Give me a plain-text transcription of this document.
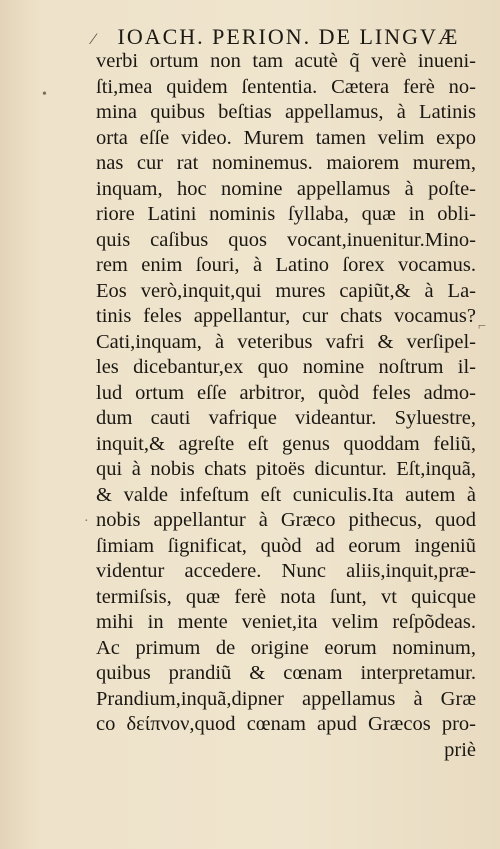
⁄ IOACH. PERION. DE LINGVÆ
•
⌐
·
verbi ortum non tam acutè q̃ verè inueni-
ſti,mea quidem ſententia. Cætera ferè no-
mina quibus beſtias appellamus, à Latinis
orta eſſe video. Murem tamen velim expo
nas cur rat nominemus. maiorem murem,
inquam, hoc nomine appellamus à poſte-
riore Latini nominis ſyllaba, quæ in obli-
quis caſibus quos vocant,inuenitur.Mino-
rem enim ſouri, à Latino ſorex vocamus.
Eos verò,inquit,qui mures capiũt,& à La-
tinis feles appellantur, cur chats vocamus?
Cati,inquam, à veteribus vafri & verſipel-
les dicebantur,ex quo nomine noſtrum il-
lud ortum eſſe arbitror, quòd feles admo-
dum cauti vafrique videantur. Syluestre,
inquit,& agreſte eſt genus quoddam feliũ,
qui à nobis chats pitoës dicuntur. Eſt,inquã,
& valde infeſtum eſt cuniculis.Ita autem à
nobis appellantur à Græco pithecus, quod
ſimiam ſignificat, quòd ad eorum ingeniũ
videntur accedere. Nunc aliis,inquit,præ-
termiſsis, quæ ferè nota ſunt, vt quicque
mihi in mente veniet,ita velim reſpõdeas.
Ac primum de origine eorum nominum,
quibus prandiũ & cœnam interpretamur.
Prandium,inquã,dipner appellamus à Græ
co δείπνον,quod cœnam apud Græcos pro-
priè
